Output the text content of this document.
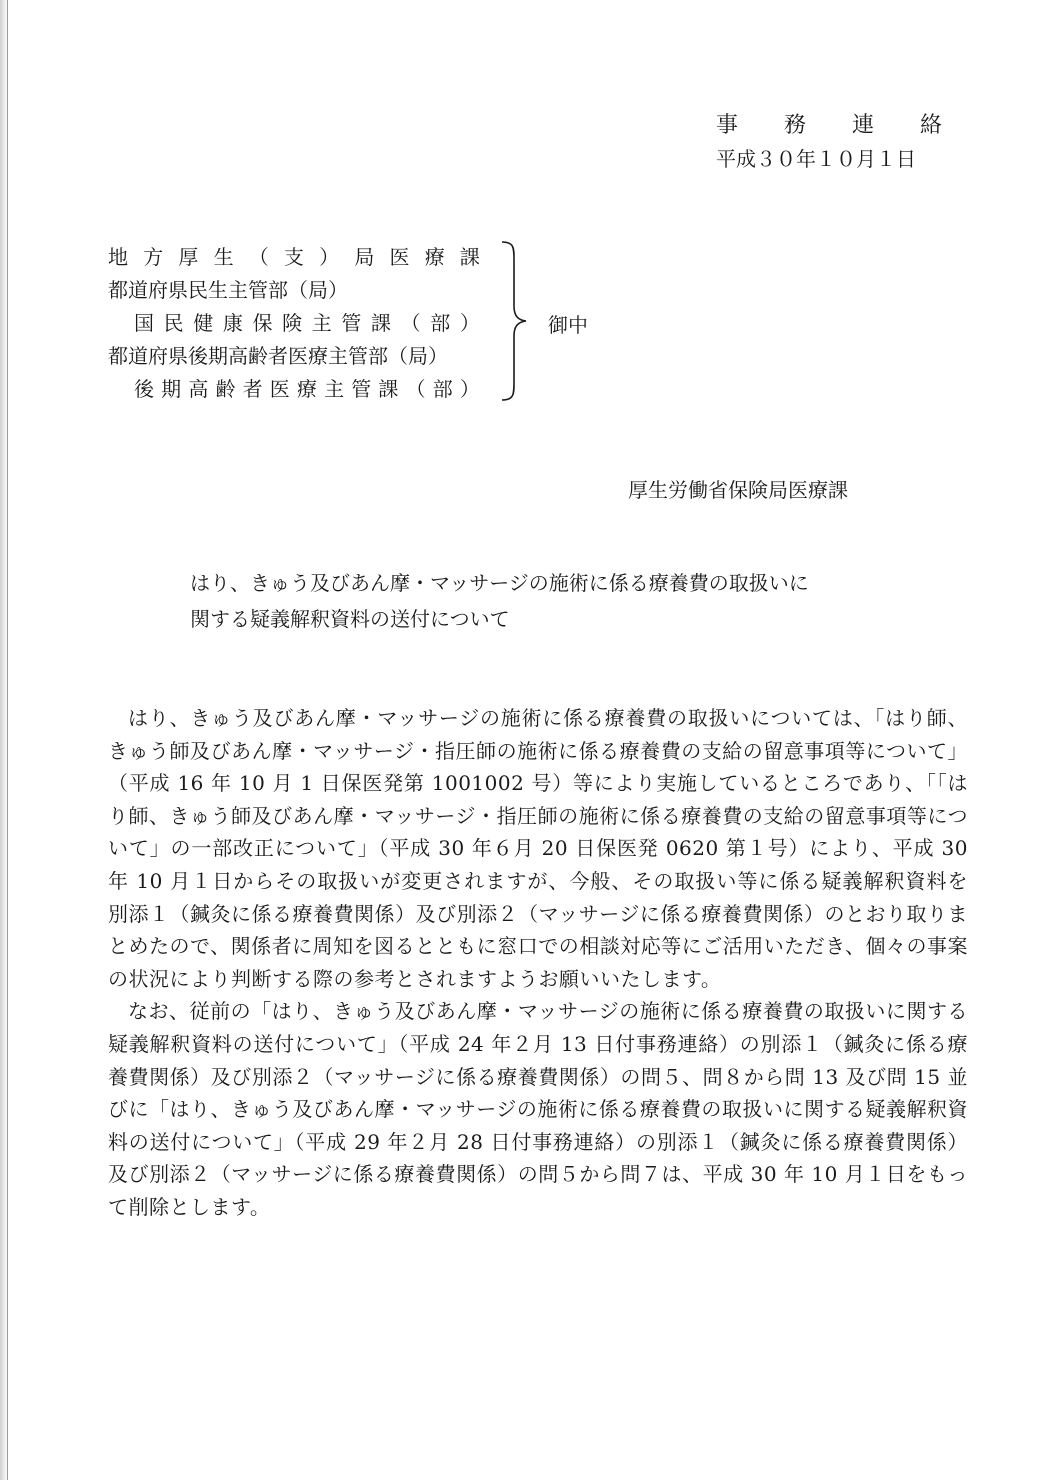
事 務 連 絡
平成３０年１０月１日
地 方 厚 生 （ 支 ） 局 医 療 課
都道府県民生主管部（局）
国 民 健 康 保 険 主 管 課 （ 部 ）
都道府県後期高齢者医療主管部（局）
後 期 高 齢 者 医 療 主 管 課 （ 部 ）
御中
厚生労働省保険局医療課
はり、きゅう及びあん摩・マッサージの施術に係る療養費の取扱いに
関する疑義解釈資料の送付について

はり、きゅう及びあん摩・マッサージの施術に係る療養費の取扱いについては、「はり師、きゅう師及びあん摩・マッサージ・指圧師の施術に係る療養費の支給の留意事項等について」（平成 16 年 10 月 1 日保医発第 1001002 号）等により実施しているところであり、「「はり師、きゅう師及びあん摩・マッサージ・指圧師の施術に係る療養費の支給の留意事項等について」の一部改正について」（平成 30 年６月 20 日保医発 0620 第１号）により、平成 30 年 10 月１日からその取扱いが変更されますが、今般、その取扱い等に係る疑義解釈資料を別添１（鍼灸に係る療養費関係）及び別添２（マッサージに係る療養費関係）のとおり取りまとめたので、関係者に周知を図るとともに窓口での相談対応等にご活用いただき、個々の事案の状況により判断する際の参考とされますようお願いいたします。

なお、従前の「はり、きゅう及びあん摩・マッサージの施術に係る療養費の取扱いに関する疑義解釈資料の送付について」（平成 24 年２月 13 日付事務連絡）の別添１（鍼灸に係る療養費関係）及び別添２（マッサージに係る療養費関係）の問５、問８から問 13 及び問 15 並びに「はり、きゅう及びあん摩・マッサージの施術に係る療養費の取扱いに関する疑義解釈資料の送付について」（平成 29 年２月 28 日付事務連絡）の別添１（鍼灸に係る療養費関係）及び別添２（マッサージに係る療養費関係）の問５から問７は、平成 30 年 10 月１日をもって削除とします。
